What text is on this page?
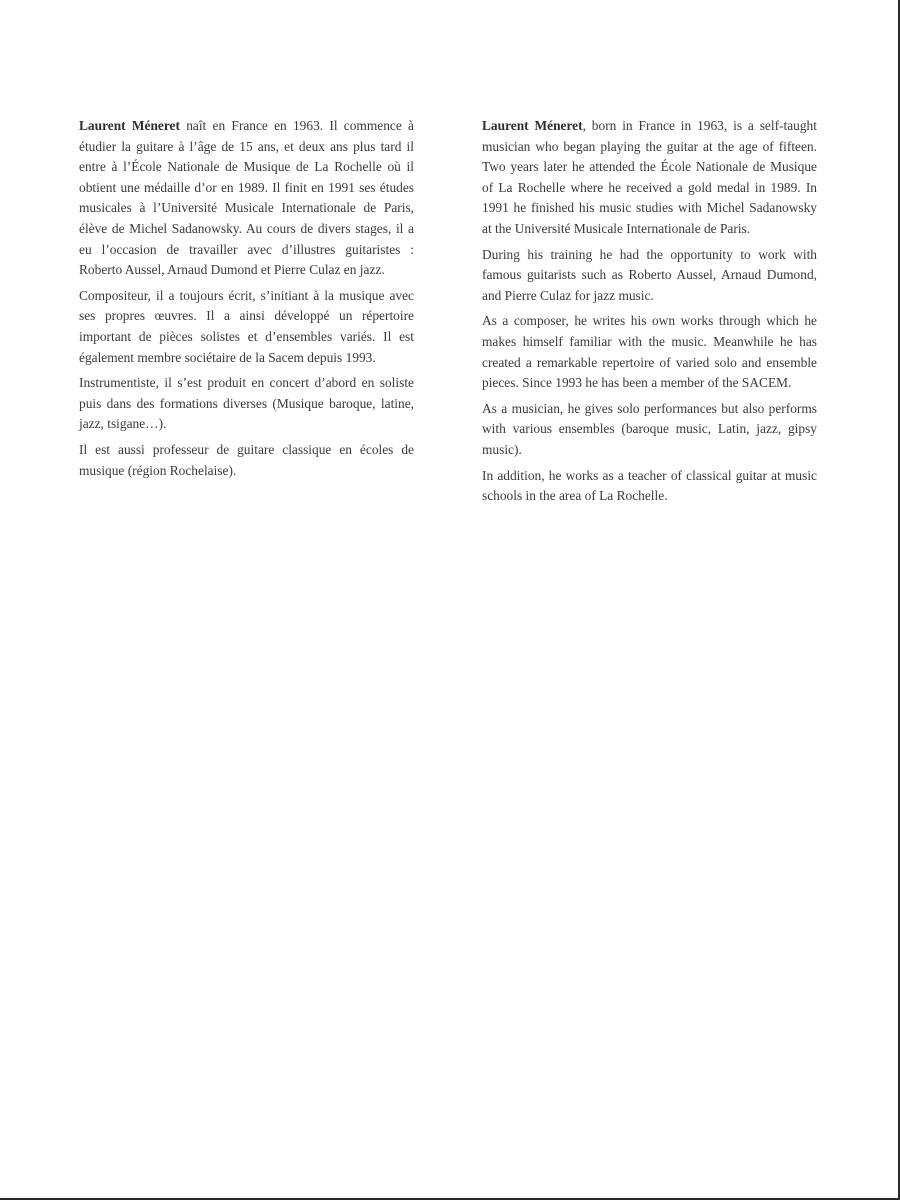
Laurent Méneret naît en France en 1963. Il commence à étudier la guitare à l’âge de 15 ans, et deux ans plus tard il entre à l’École Nationale de Musique de La Rochelle où il obtient une médaille d’or en 1989. Il finit en 1991 ses études musicales à l’Université Musicale Internationale de Paris, élève de Michel Sadanowsky. Au cours de divers stages, il a eu l’occasion de travailler avec d’illustres guitaristes : Roberto Aussel, Arnaud Dumond et Pierre Culaz en jazz.

Compositeur, il a toujours écrit, s’initiant à la musique avec ses propres œuvres. Il a ainsi développé un répertoire important de pièces solistes et d’ensembles variés. Il est également membre sociétaire de la Sacem depuis 1993.

Instrumentiste, il s’est produit en concert d’abord en soliste puis dans des formations diverses (Musique baroque, latine, jazz, tsigane…).

Il est aussi professeur de guitare classique en écoles de musique (région Rochelaise).

Laurent Méneret, born in France in 1963, is a self-taught musician who began playing the guitar at the age of fifteen. Two years later he attended the École Nationale de Musique of La Rochelle where he received a gold medal in 1989. In 1991 he finished his music studies with Michel Sadanowsky at the Université Musicale Internationale de Paris.

During his training he had the opportunity to work with famous guitarists such as Roberto Aussel, Arnaud Dumond, and Pierre Culaz for jazz music.

As a composer, he writes his own works through which he makes himself familiar with the music. Meanwhile he has created a remarkable repertoire of varied solo and ensemble pieces. Since 1993 he has been a member of the SACEM.

As a musician, he gives solo performances but also performs with various ensembles (baroque music, Latin, jazz, gipsy music).

In addition, he works as a teacher of classical guitar at music schools in the area of La Rochelle.
